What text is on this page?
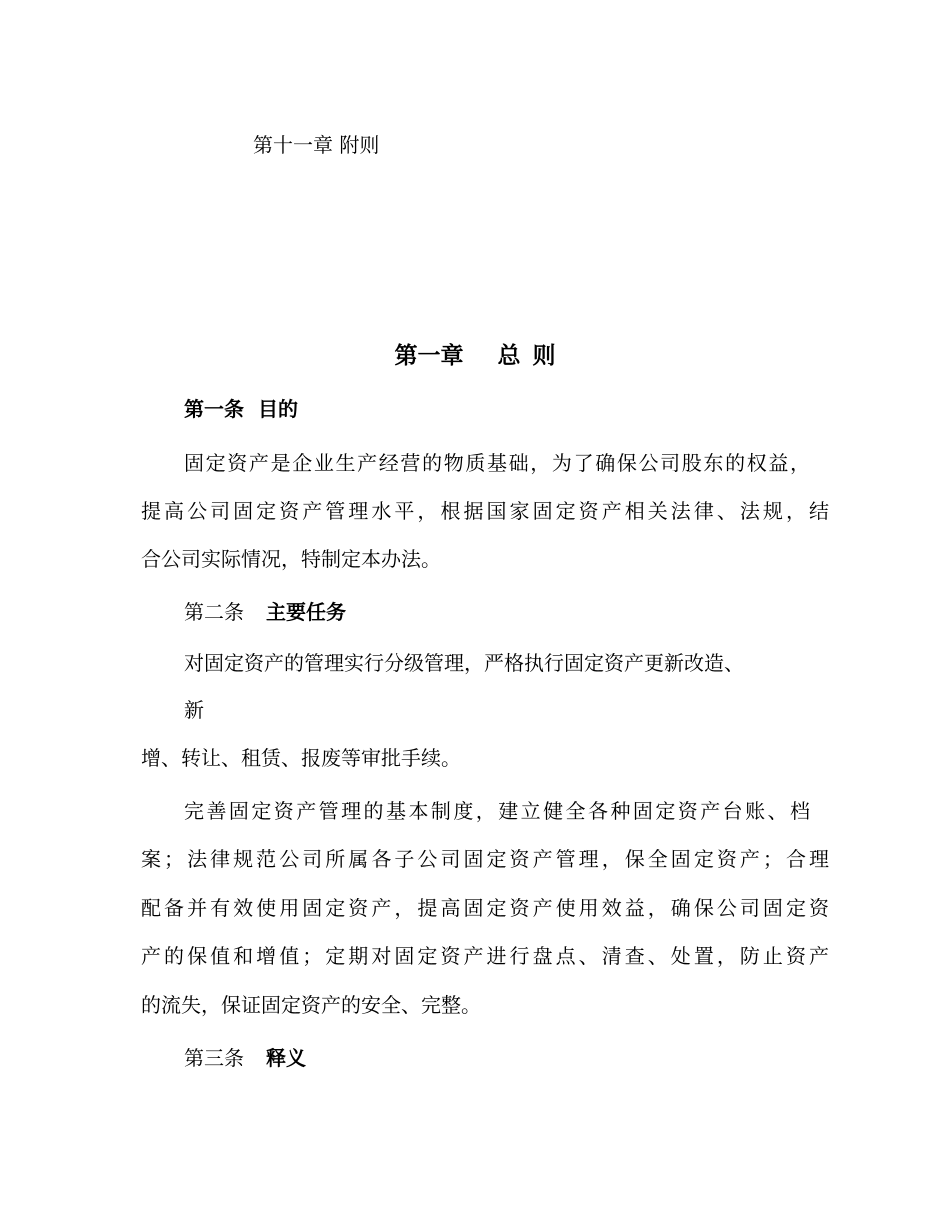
第十一章 附则
第一章 总 则
第一条 目的
固定资产是企业生产经营的物质基础，为了确保公司股东的权益，
提高公司固定资产管理水平，根据国家固定资产相关法律、法规，结
合公司实际情况，特制定本办法。
第二条 主要任务
对固定资产的管理实行分级管理，严格执行固定资产更新改造、
新
增、转让、租赁、报废等审批手续。
完善固定资产管理的基本制度，建立健全各种固定资产台账、档
案；法律规范公司所属各子公司固定资产管理，保全固定资产；合理
配备并有效使用固定资产，提高固定资产使用效益，确保公司固定资
产的保值和增值；定期对固定资产进行盘点、清查、处置，防止资产
的流失，保证固定资产的安全、完整。
第三条 释义
